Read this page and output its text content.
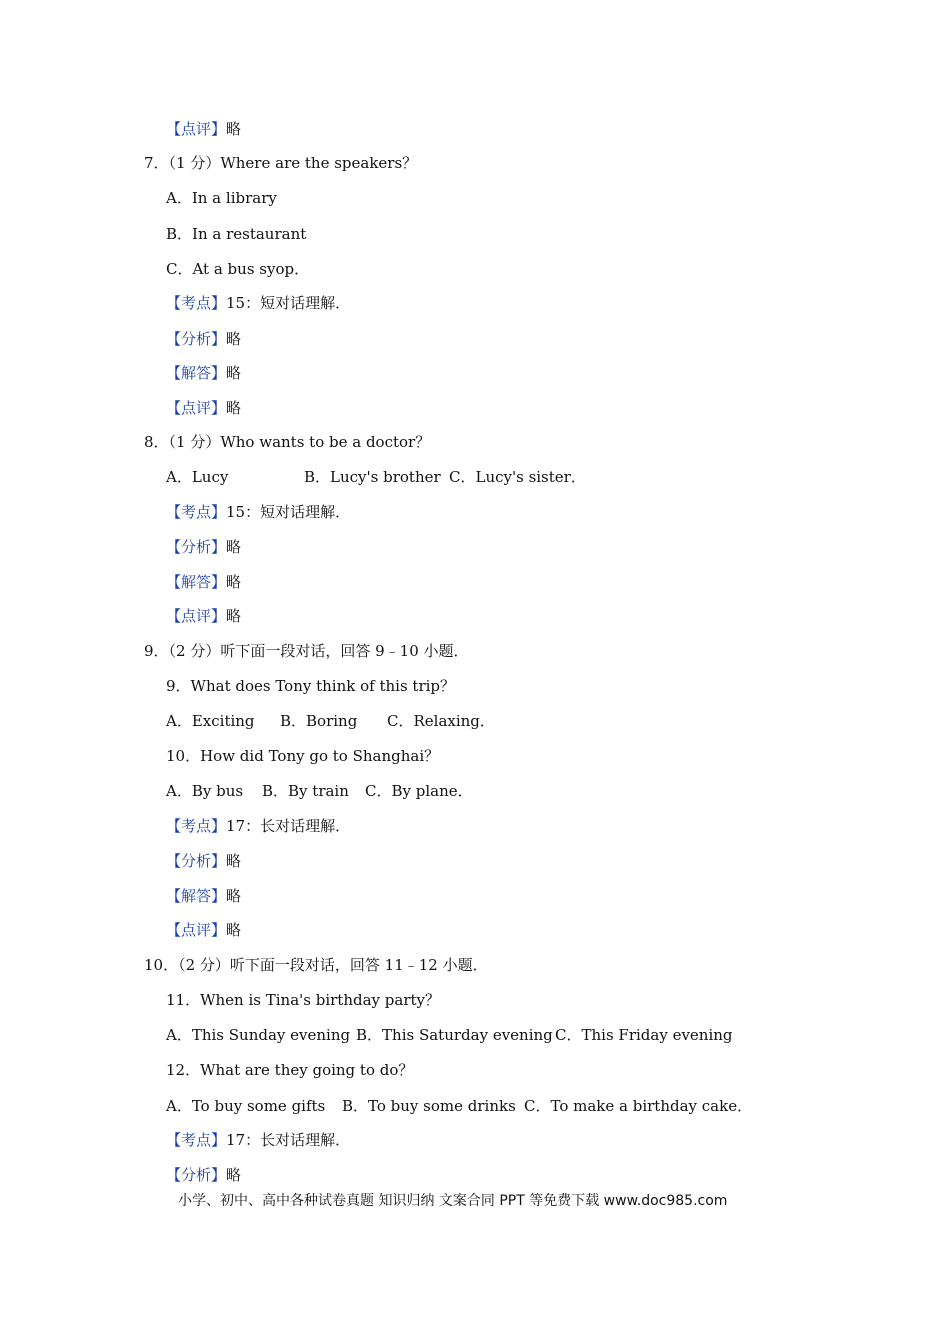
【点评】略
7．（1 分）Where are the speakers？
A．In a library
B．In a restaurant
C．At a bus syop．
【考点】15：短对话理解．
【分析】略
【解答】略
【点评】略
8．（1 分）Who wants to be a doctor？
A．Lucy	B．Lucy's brother C．Lucy's sister．
【考点】15：短对话理解．
【分析】略
【解答】略
【点评】略
9．（2 分）听下面一段对话，回答 9﹣10 小题．
9．What does Tony think of this trip？
A．Exciting B．Boring C．Relaxing．
10．How did Tony go to Shanghai？
A．By bus B．By train C．By plane．
【考点】17：长对话理解．
【分析】略
【解答】略
【点评】略
10．（2 分）听下面一段对话，回答 11﹣12 小题．
11．When is Tina's birthday party？
A．This Sunday evening B．This Saturday evening C．This Friday evening
12．What are they going to do？
A．To buy some gifts B．To buy some drinks C．To make a birthday cake．
【考点】17：长对话理解．
【分析】略
小学、初中、高中各种试卷真题 知识归纳 文案合同 PPT 等免费下载 www.doc985.com
